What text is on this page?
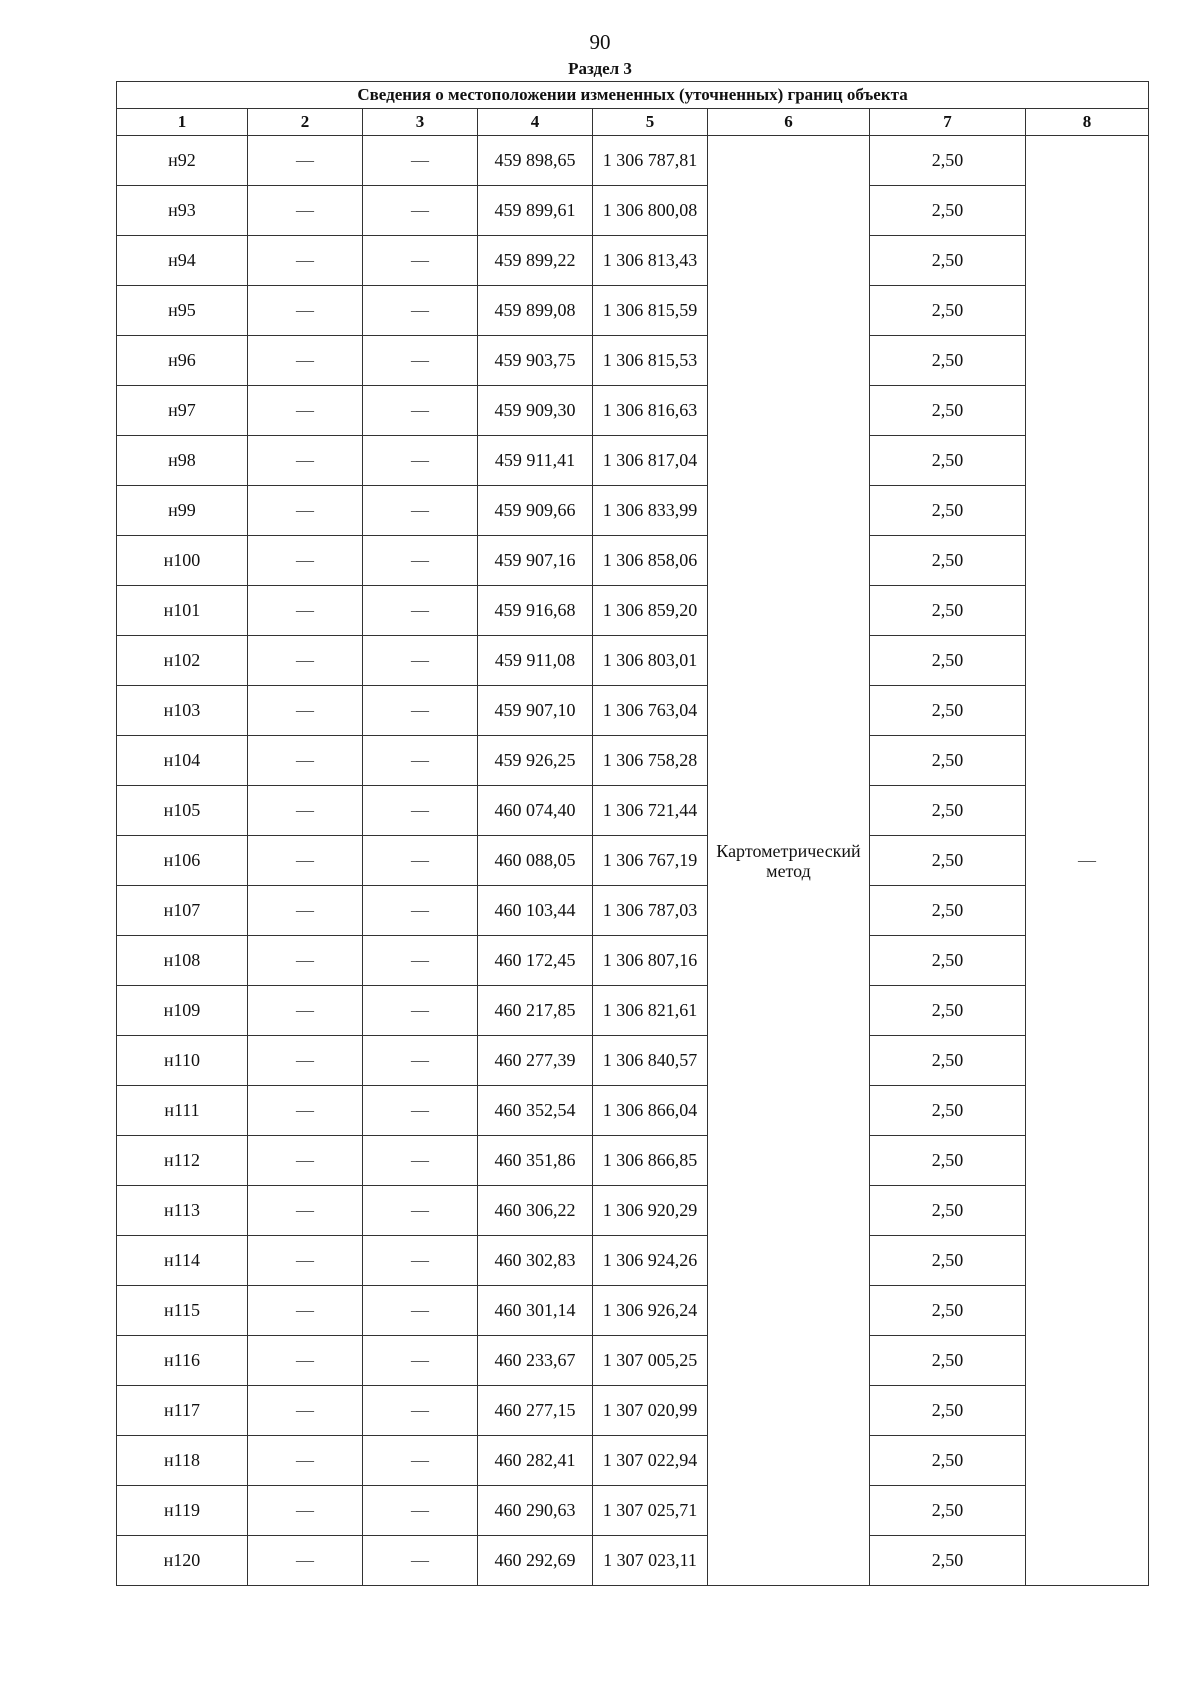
90
Раздел 3
Сведения о местоположении измененных (уточненных) границ объекта							
1	2	3	4	5	6	7	8
н92	—	—	459 898,65	1 306 787,81	Картометрический метод	2,50	—
н93	—	—	459 899,61	1 306 800,08		2,50	
н94	—	—	459 899,22	1 306 813,43		2,50	
н95	—	—	459 899,08	1 306 815,59		2,50	
н96	—	—	459 903,75	1 306 815,53		2,50	
н97	—	—	459 909,30	1 306 816,63		2,50	
н98	—	—	459 911,41	1 306 817,04		2,50	
н99	—	—	459 909,66	1 306 833,99		2,50	
н100	—	—	459 907,16	1 306 858,06		2,50	
н101	—	—	459 916,68	1 306 859,20		2,50	
н102	—	—	459 911,08	1 306 803,01		2,50	
н103	—	—	459 907,10	1 306 763,04		2,50	
н104	—	—	459 926,25	1 306 758,28		2,50	
н105	—	—	460 074,40	1 306 721,44		2,50	
н106	—	—	460 088,05	1 306 767,19		2,50	
н107	—	—	460 103,44	1 306 787,03		2,50	
н108	—	—	460 172,45	1 306 807,16		2,50	
н109	—	—	460 217,85	1 306 821,61		2,50	
н110	—	—	460 277,39	1 306 840,57		2,50	
н111	—	—	460 352,54	1 306 866,04		2,50	
н112	—	—	460 351,86	1 306 866,85		2,50	
н113	—	—	460 306,22	1 306 920,29		2,50	
н114	—	—	460 302,83	1 306 924,26		2,50	
н115	—	—	460 301,14	1 306 926,24		2,50	
н116	—	—	460 233,67	1 307 005,25		2,50	
н117	—	—	460 277,15	1 307 020,99		2,50	
н118	—	—	460 282,41	1 307 022,94		2,50	
н119	—	—	460 290,63	1 307 025,71		2,50	
н120	—	—	460 292,69	1 307 023,11		2,50	
